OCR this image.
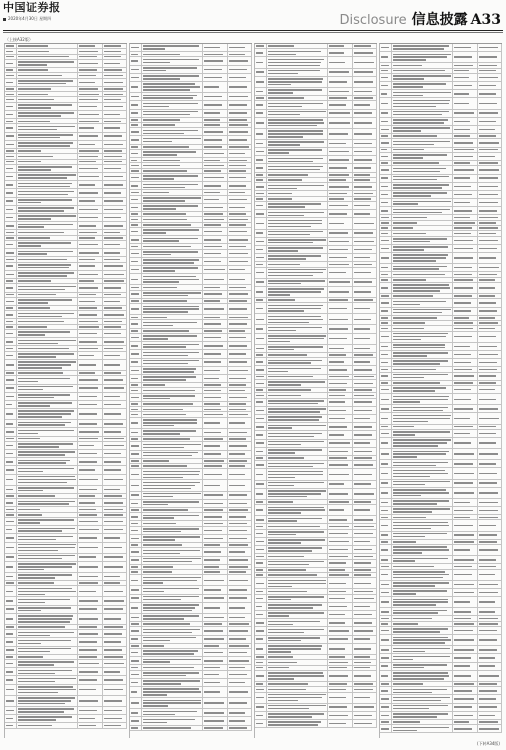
中国证券报
2020年4月30日 星期四	Disclosure 信息披露 A33
（上接A32版）
(下转A34版)
